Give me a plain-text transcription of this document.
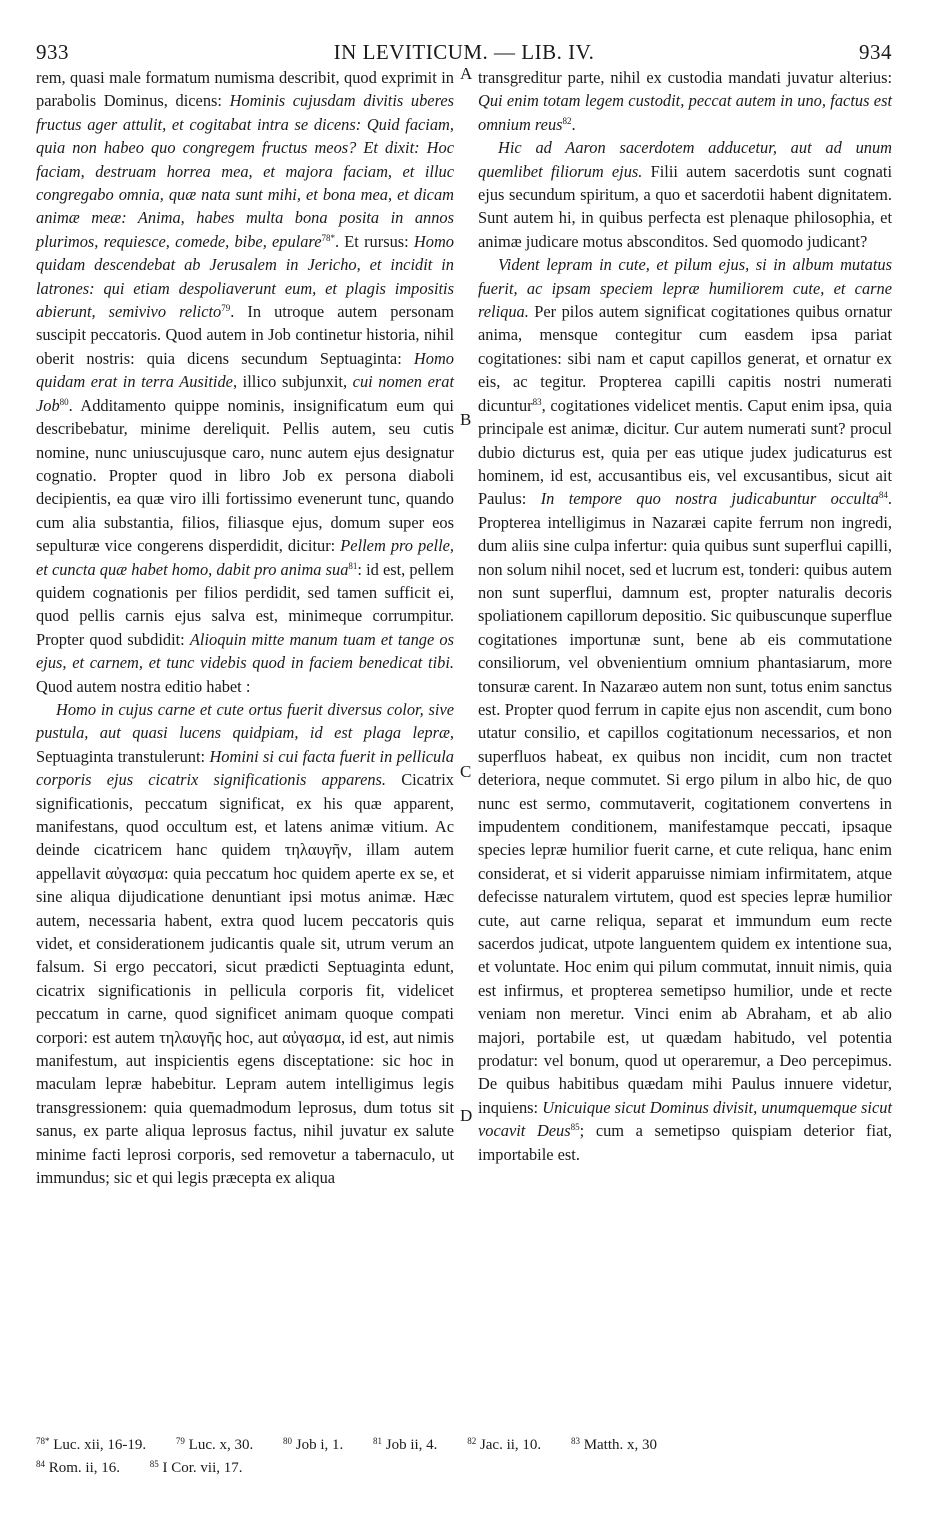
933	IN LEVITICUM. — LIB. IV.	934

rem, quasi male formatum numisma describit, quod exprimit in parabolis Dominus, dicens: Hominis cujusdam divitis uberes fructus ager attulit, et cogitabat intra se dicens: Quid faciam, quia non habeo quo congregem fructus meos? Et dixit: Hoc faciam, destruam horrea mea, et majora faciam, et illuc congregabo omnia, quæ nata sunt mihi, et bona mea, et dicam animæ meæ: Anima, habes multa bona posita in annos plurimos, requiesce, comede, bibe, epulare$^{78*}$. Et rursus: Homo quidam descendebat ab Jerusalem in Jericho, et incidit in latrones: qui etiam despoliaverunt eum, et plagis impositis abierunt, semivivo relicto$^{79}$. In utroque autem personam suscipit peccatoris. Quod autem in Job continetur historia, nihil oberit nostris: quia dicens secundum Septuaginta: Homo quidam erat in terra Ausitide, illico subjunxit, cui nomen erat Job$^{80}$. Additamento quippe nominis, insignificatum eum qui describebatur, minime dereliquit. Pellis autem, seu cutis nomine, nunc uniuscujusque caro, nunc autem ejus designatur cognatio. Propter quod in libro Job ex persona diaboli decipientis, ea quæ viro illi fortissimo evenerunt tunc, quando cum alia substantia, filios, filiasque ejus, domum super eos sepulturæ vice congerens disperdidit, dicitur: Pellem pro pelle, et cuncta quæ habet homo, dabit pro anima sua$^{81}$: id est, pellem quidem cognationis per filios perdidit, sed tamen sufficit ei, quod pellis carnis ejus salva est, minimeque corrumpitur. Propter quod subdidit: Alioquin mitte manum tuam et tange os ejus, et carnem, et tunc videbis quod in faciem benedicat tibi. Quod autem nostra editio habet :

Homo in cujus carne et cute ortus fuerit diversus color, sive pustula, aut quasi lucens quidpiam, id est plaga lepræ, Septuaginta transtulerunt: Homini si cui facta fuerit in pellicula corporis ejus cicatrix significationis apparens. Cicatrix significationis, peccatum significat, ex his quæ apparent, manifestans, quod occultum est, et latens animæ vitium. Ac deinde cicatricem hanc quidem τηλαυγῆν, illam autem appellavit αὐγασμα: quia peccatum hoc quidem aperte ex se, et sine aliqua dijudicatione denuntiant ipsi motus animæ. Hæc autem, necessaria habent, extra quod lucem peccatoris quis videt, et considerationem judicantis quale sit, utrum verum an falsum. Si ergo peccatori, sicut prædicti Septuaginta edunt, cicatrix significationis in pellicula corporis fit, videlicet peccatum in carne, quod significet animam quoque compati corpori: est autem τηλαυγῆς hoc, aut αὐγασμα, id est, aut nimis manifestum, aut inspicientis egens disceptatione: sic hoc in maculam lepræ habebitur. Lepram autem intelligimus legis transgressionem: quia quemadmodum leprosus, dum totus sit sanus, ex parte aliqua leprosus factus, nihil juvatur ex salute minime facti leprosi corporis, sed removetur a tabernaculo, ut immundus; sic et qui legis præcepta ex aliqua

A
B
C
D

transgreditur parte, nihil ex custodia mandati juvatur alterius: Qui enim totam legem custodit, peccat autem in uno, factus est omnium reus$^{82}$.

Hic ad Aaron sacerdotem adducetur, aut ad unum quemlibet filiorum ejus. Filii autem sacerdotis sunt cognati ejus secundum spiritum, a quo et sacerdotii habent dignitatem. Sunt autem hi, in quibus perfecta est plenaque philosophia, et animæ judicare motus absconditos. Sed quomodo judicant?

Vident lepram in cute, et pilum ejus, si in album mutatus fuerit, ac ipsam speciem lepræ humiliorem cute, et carne reliqua. Per pilos autem significat cogitationes quibus ornatur anima, mensque contegitur cum easdem ipsa pariat cogitationes: sibi nam et caput capillos generat, et ornatur ex eis, ac tegitur. Propterea capilli capitis nostri numerati dicuntur$^{83}$, cogitationes videlicet mentis. Caput enim ipsa, quia principale est animæ, dicitur. Cur autem numerati sunt? procul dubio dicturus est, quia per eas utique judex judicaturus est hominem, id est, accusantibus eis, vel excusantibus, sicut ait Paulus: In tempore quo nostra judicabuntur occulta$^{84}$. Propterea intelligimus in Nazaræi capite ferrum non ingredi, dum aliis sine culpa infertur: quia quibus sunt superflui capilli, non solum nihil nocet, sed et lucrum est, tonderi: quibus autem non sunt superflui, damnum est, propter naturalis decoris spoliationem capillorum depositio. Sic quibuscunque superflue cogitationes importunæ sunt, bene ab eis commutatione consiliorum, vel obvenientium omnium phantasiarum, more tonsuræ carent. In Nazaræo autem non sunt, totus enim sanctus est. Propter quod ferrum in capite ejus non ascendit, cum bono utatur consilio, et capillos cogitationum necessarios, et non superfluos habeat, ex quibus non incidit, cum non tractet deteriora, neque commutet. Si ergo pilum in albo hic, de quo nunc est sermo, commutaverit, cogitationem convertens in impudentem conditionem, manifestamque peccati, ipsaque species lepræ humilior fuerit carne, et cute reliqua, hanc enim considerat, et si viderit apparuisse nimiam infirmitatem, atque defecisse naturalem virtutem, quod est species lepræ humilior cute, aut carne reliqua, separat et immundum eum recte sacerdos judicat, utpote languentem quidem ex intentione sua, et voluntate. Hoc enim qui pilum commutat, innuit nimis, quia est infirmus, et propterea semetipso humilior, unde et recte veniam non meretur. Vinci enim ab Abraham, et ab alio majori, portabile est, ut quædam habitudo, vel potentia prodatur: vel bonum, quod ut operaremur, a Deo percepimus. De quibus habitibus quædam mihi Paulus innuere videtur, inquiens: Unicuique sicut Dominus divisit, unumquemque sicut vocavit Deus$^{85}$; cum a semetipso quispiam deterior fiat, importabile est.

$^{78*}$ Luc. xii, 16-19.	$^{79}$ Luc. x, 30.	$^{80}$ Job i, 1.	$^{81}$ Job ii, 4.	$^{82}$ Jac. ii, 10.	$^{83}$ Matth. x, 30
$^{84}$ Rom. ii, 16.	$^{85}$ I Cor. vii, 17.
